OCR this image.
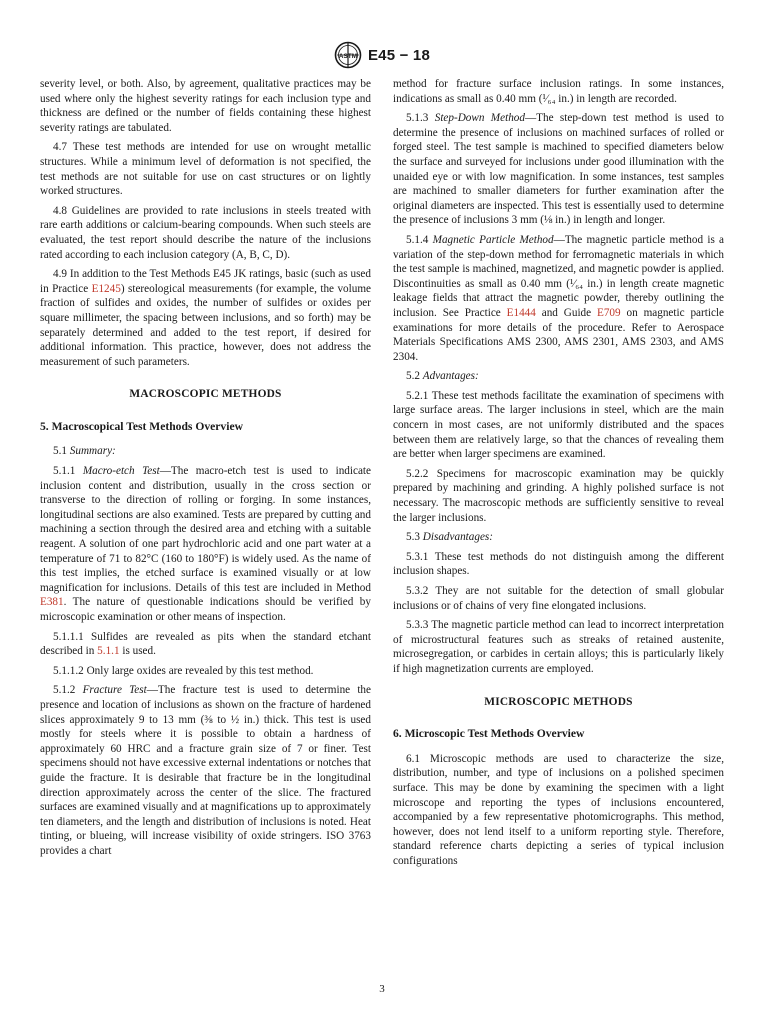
ASTM E45 − 18

severity level, or both. Also, by agreement, qualitative practices may be used where only the highest severity ratings for each inclusion type and thickness are defined or the number of fields containing these highest severity ratings are tabulated.

4.7 These test methods are intended for use on wrought metallic structures. While a minimum level of deformation is not specified, the test methods are not suitable for use on cast structures or on lightly worked structures.

4.8 Guidelines are provided to rate inclusions in steels treated with rare earth additions or calcium-bearing compounds. When such steels are evaluated, the test report should describe the nature of the inclusions rated according to each inclusion category (A, B, C, D).

4.9 In addition to the Test Methods E45 JK ratings, basic (such as used in Practice E1245) stereological measurements (for example, the volume fraction of sulfides and oxides, the number of sulfides or oxides per square millimeter, the spacing between inclusions, and so forth) may be separately determined and added to the test report, if desired for additional information. This practice, however, does not address the measurement of such parameters.

MACROSCOPIC METHODS
5. Macroscopical Test Methods Overview

5.1 Summary:

5.1.1 Macro-etch Test—The macro-etch test is used to indicate inclusion content and distribution, usually in the cross section or transverse to the direction of rolling or forging. In some instances, longitudinal sections are also examined. Tests are prepared by cutting and machining a section through the desired area and etching with a suitable reagent. A solution of one part hydrochloric acid and one part water at a temperature of 71 to 82°C (160 to 180°F) is widely used. As the name of this test implies, the etched surface is examined visually or at low magnification for inclusions. Details of this test are included in Method E381. The nature of questionable indications should be verified by microscopic examination or other means of inspection.

5.1.1.1 Sulfides are revealed as pits when the standard etchant described in 5.1.1 is used.

5.1.1.2 Only large oxides are revealed by this test method.

5.1.2 Fracture Test—The fracture test is used to determine the presence and location of inclusions as shown on the fracture of hardened slices approximately 9 to 13 mm (⅜ to ½ in.) thick. This test is used mostly for steels where it is possible to obtain a hardness of approximately 60 HRC and a fracture grain size of 7 or finer. Test specimens should not have excessive external indentations or notches that guide the fracture. It is desirable that fracture be in the longitudinal direction approximately across the center of the slice. The fractured surfaces are examined visually and at magnifications up to approximately ten diameters, and the length and distribution of inclusions is noted. Heat tinting, or blueing, will increase visibility of oxide stringers. ISO 3763 provides a chart

method for fracture surface inclusion ratings. In some instances, indications as small as 0.40 mm (¹⁄₆₄ in.) in length are recorded.

5.1.3 Step-Down Method—The step-down test method is used to determine the presence of inclusions on machined surfaces of rolled or forged steel. The test sample is machined to specified diameters below the surface and surveyed for inclusions under good illumination with the unaided eye or with low magnification. In some instances, test samples are machined to smaller diameters for further examination after the original diameters are inspected. This test is essentially used to determine the presence of inclusions 3 mm (⅛ in.) in length and longer.

5.1.4 Magnetic Particle Method—The magnetic particle method is a variation of the step-down method for ferromagnetic materials in which the test sample is machined, magnetized, and magnetic powder is applied. Discontinuities as small as 0.40 mm (¹⁄₆₄ in.) in length create magnetic leakage fields that attract the magnetic powder, thereby outlining the inclusion. See Practice E1444 and Guide E709 on magnetic particle examinations for more details of the procedure. Refer to Aerospace Materials Specifications AMS 2300, AMS 2301, AMS 2303, and AMS 2304.

5.2 Advantages:

5.2.1 These test methods facilitate the examination of specimens with large surface areas. The larger inclusions in steel, which are the main concern in most cases, are not uniformly distributed and the spaces between them are relatively large, so that the chances of revealing them are better when larger specimens are examined.

5.2.2 Specimens for macroscopic examination may be quickly prepared by machining and grinding. A highly polished surface is not necessary. The macroscopic methods are sufficiently sensitive to reveal the larger inclusions.

5.3 Disadvantages:

5.3.1 These test methods do not distinguish among the different inclusion shapes.

5.3.2 They are not suitable for the detection of small globular inclusions or of chains of very fine elongated inclusions.

5.3.3 The magnetic particle method can lead to incorrect interpretation of microstructural features such as streaks of retained austenite, microsegregation, or carbides in certain alloys; this is particularly likely if high magnetization currents are employed.

MICROSCOPIC METHODS
6. Microscopic Test Methods Overview

6.1 Microscopic methods are used to characterize the size, distribution, number, and type of inclusions on a polished specimen surface. This may be done by examining the specimen with a light microscope and reporting the types of inclusions encountered, accompanied by a few representative photomicrographs. This method, however, does not lend itself to a uniform reporting style. Therefore, standard reference charts depicting a series of typical inclusion configurations

3
